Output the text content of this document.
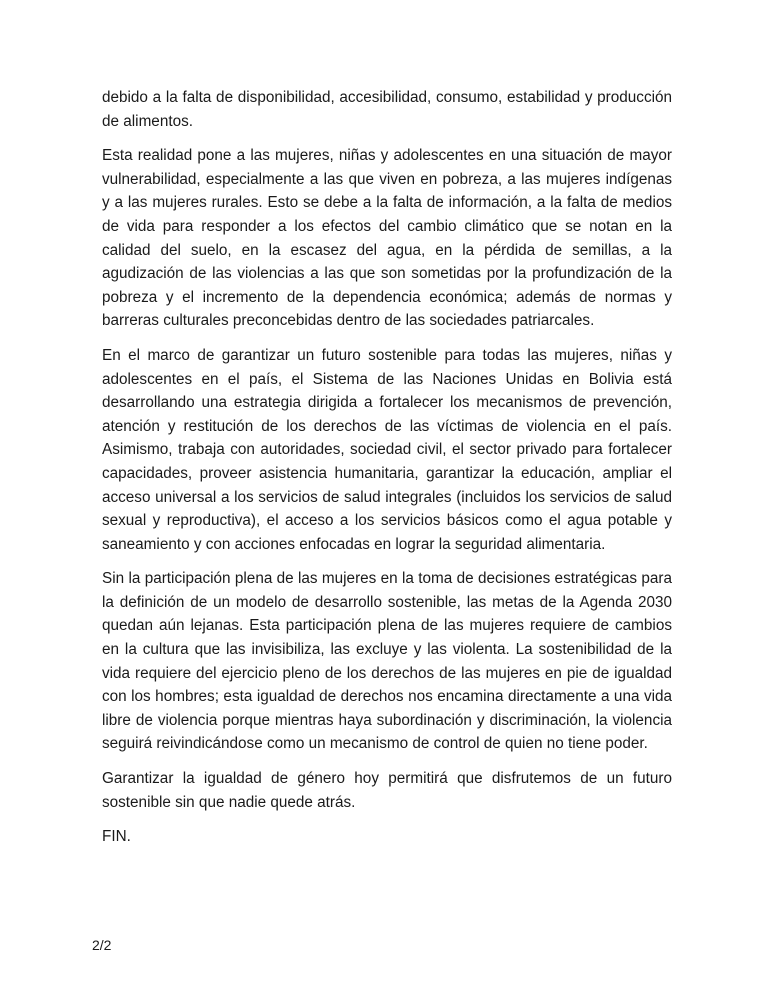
debido a la falta de disponibilidad, accesibilidad, consumo, estabilidad y producción de alimentos.

Esta realidad pone a las mujeres, niñas y adolescentes en una situación de mayor vulnerabilidad, especialmente a las que viven en pobreza, a las mujeres indígenas y a las mujeres rurales. Esto se debe a la falta de información, a la falta de medios de vida para responder a los efectos del cambio climático que se notan en la calidad del suelo, en la escasez del agua, en la pérdida de semillas, a la agudización de las violencias a las que son sometidas por la profundización de la pobreza y el incremento de la dependencia económica; además de normas y barreras culturales preconcebidas dentro de las sociedades patriarcales.

En el marco de garantizar un futuro sostenible para todas las mujeres, niñas y adolescentes en el país, el Sistema de las Naciones Unidas en Bolivia está desarrollando una estrategia dirigida a fortalecer los mecanismos de prevención, atención y restitución de los derechos de las víctimas de violencia en el país. Asimismo, trabaja con autoridades, sociedad civil, el sector privado para fortalecer capacidades, proveer asistencia humanitaria, garantizar la educación, ampliar el acceso universal a los servicios de salud integrales (incluidos los servicios de salud sexual y reproductiva), el acceso a los servicios básicos como el agua potable y saneamiento y con acciones enfocadas en lograr la seguridad alimentaria.

Sin la participación plena de las mujeres en la toma de decisiones estratégicas para la definición de un modelo de desarrollo sostenible, las metas de la Agenda 2030 quedan aún lejanas. Esta participación plena de las mujeres requiere de cambios en la cultura que las invisibiliza, las excluye y las violenta. La sostenibilidad de la vida requiere del ejercicio pleno de los derechos de las mujeres en pie de igualdad con los hombres; esta igualdad de derechos nos encamina directamente a una vida libre de violencia porque mientras haya subordinación y discriminación, la violencia seguirá reivindicándose como un mecanismo de control de quien no tiene poder.

Garantizar la igualdad de género hoy permitirá que disfrutemos de un futuro sostenible sin que nadie quede atrás.

FIN.

2/2
